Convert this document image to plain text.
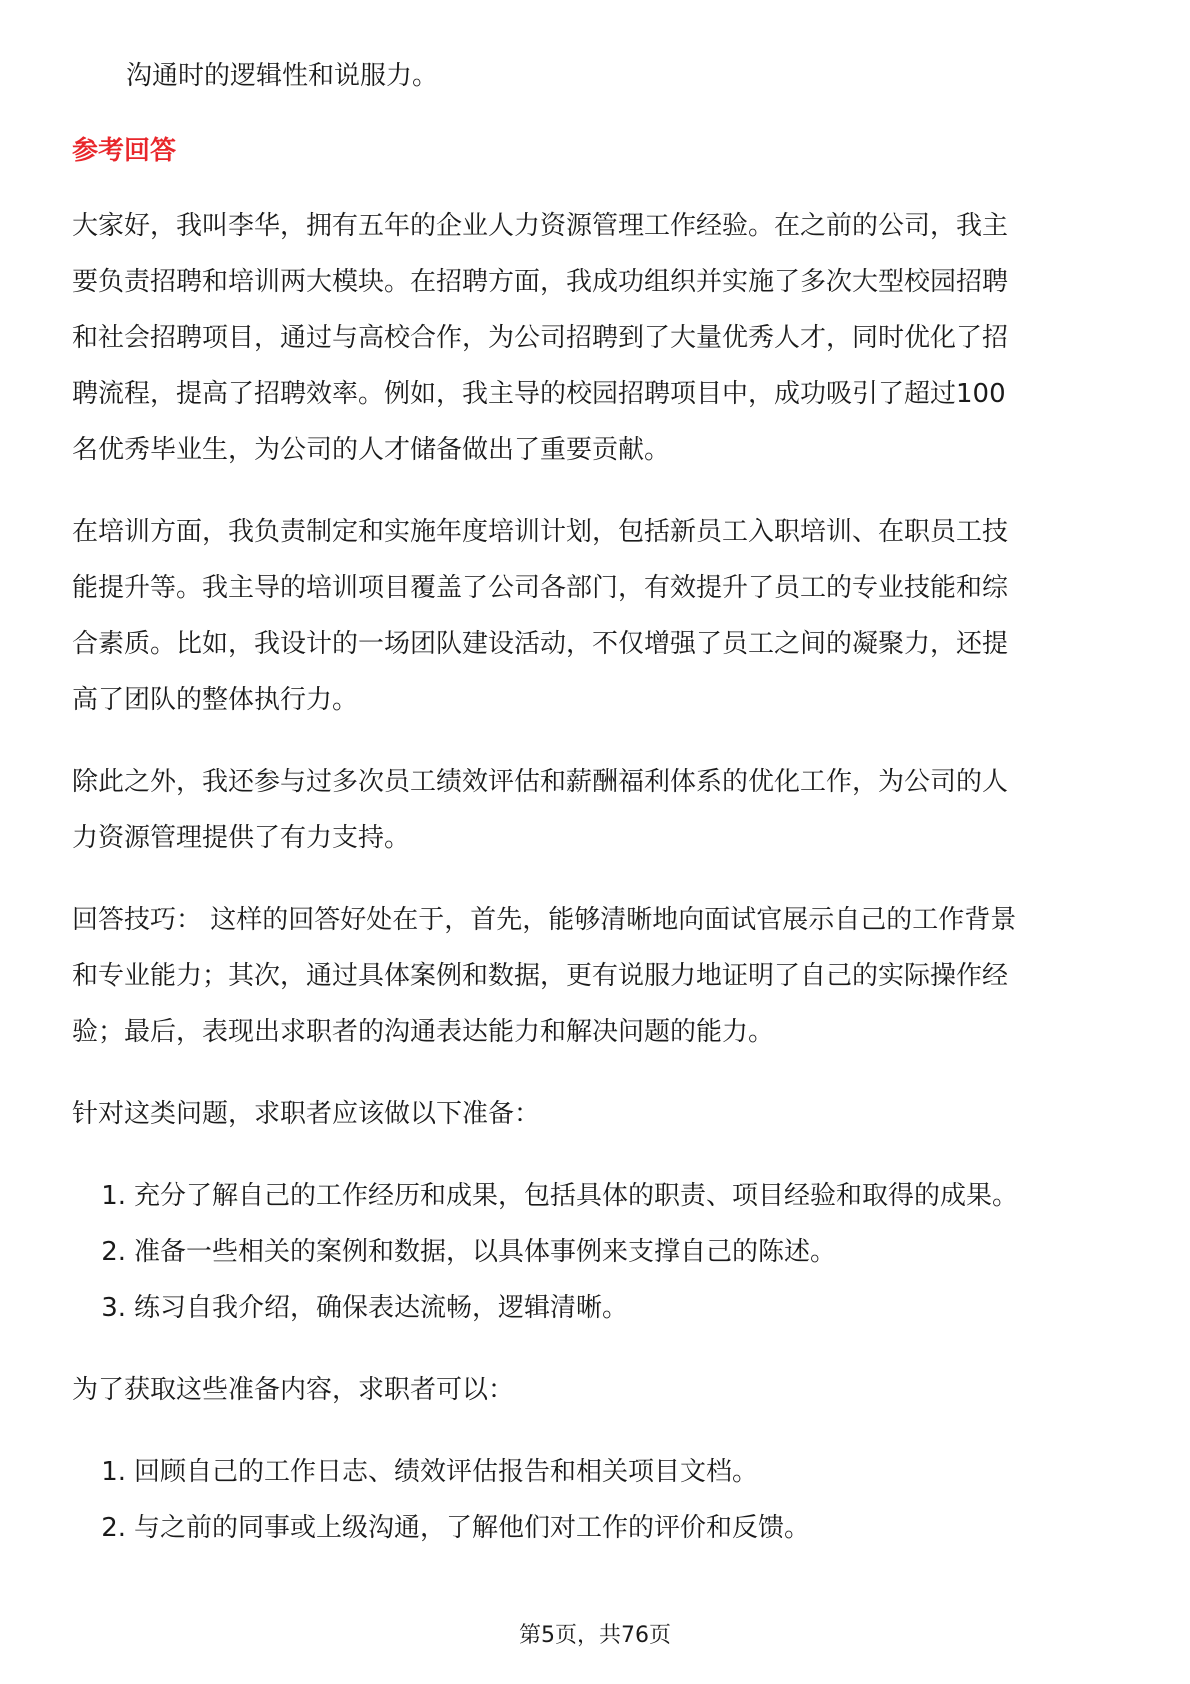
沟通时的逻辑性和说服力。

参考回答

大家好，我叫李华，拥有五年的企业人力资源管理工作经验。在之前的公司，我主

要负责招聘和培训两大模块。在招聘方面，我成功组织并实施了多次大型校园招聘

和社会招聘项目，通过与高校合作，为公司招聘到了大量优秀人才，同时优化了招

聘流程，提高了招聘效率。例如，我主导的校园招聘项目中，成功吸引了超过100

名优秀毕业生，为公司的人才储备做出了重要贡献。

在培训方面，我负责制定和实施年度培训计划，包括新员工入职培训、在职员工技

能提升等。我主导的培训项目覆盖了公司各部门，有效提升了员工的专业技能和综

合素质。比如，我设计的一场团队建设活动，不仅增强了员工之间的凝聚力，还提

高了团队的整体执行力。

除此之外，我还参与过多次员工绩效评估和薪酬福利体系的优化工作，为公司的人

力资源管理提供了有力支持。

回答技巧： 这样的回答好处在于，首先，能够清晰地向面试官展示自己的工作背景

和专业能力；其次，通过具体案例和数据，更有说服力地证明了自己的实际操作经

验；最后，表现出求职者的沟通表达能力和解决问题的能力。

针对这类问题，求职者应该做以下准备：

1. 充分了解自己的工作经历和成果，包括具体的职责、项目经验和取得的成果。
2. 准备一些相关的案例和数据，以具体事例来支撑自己的陈述。
3. 练习自我介绍，确保表达流畅，逻辑清晰。

为了获取这些准备内容，求职者可以：

1. 回顾自己的工作日志、绩效评估报告和相关项目文档。
2. 与之前的同事或上级沟通，了解他们对工作的评价和反馈。
第5页，共76页
